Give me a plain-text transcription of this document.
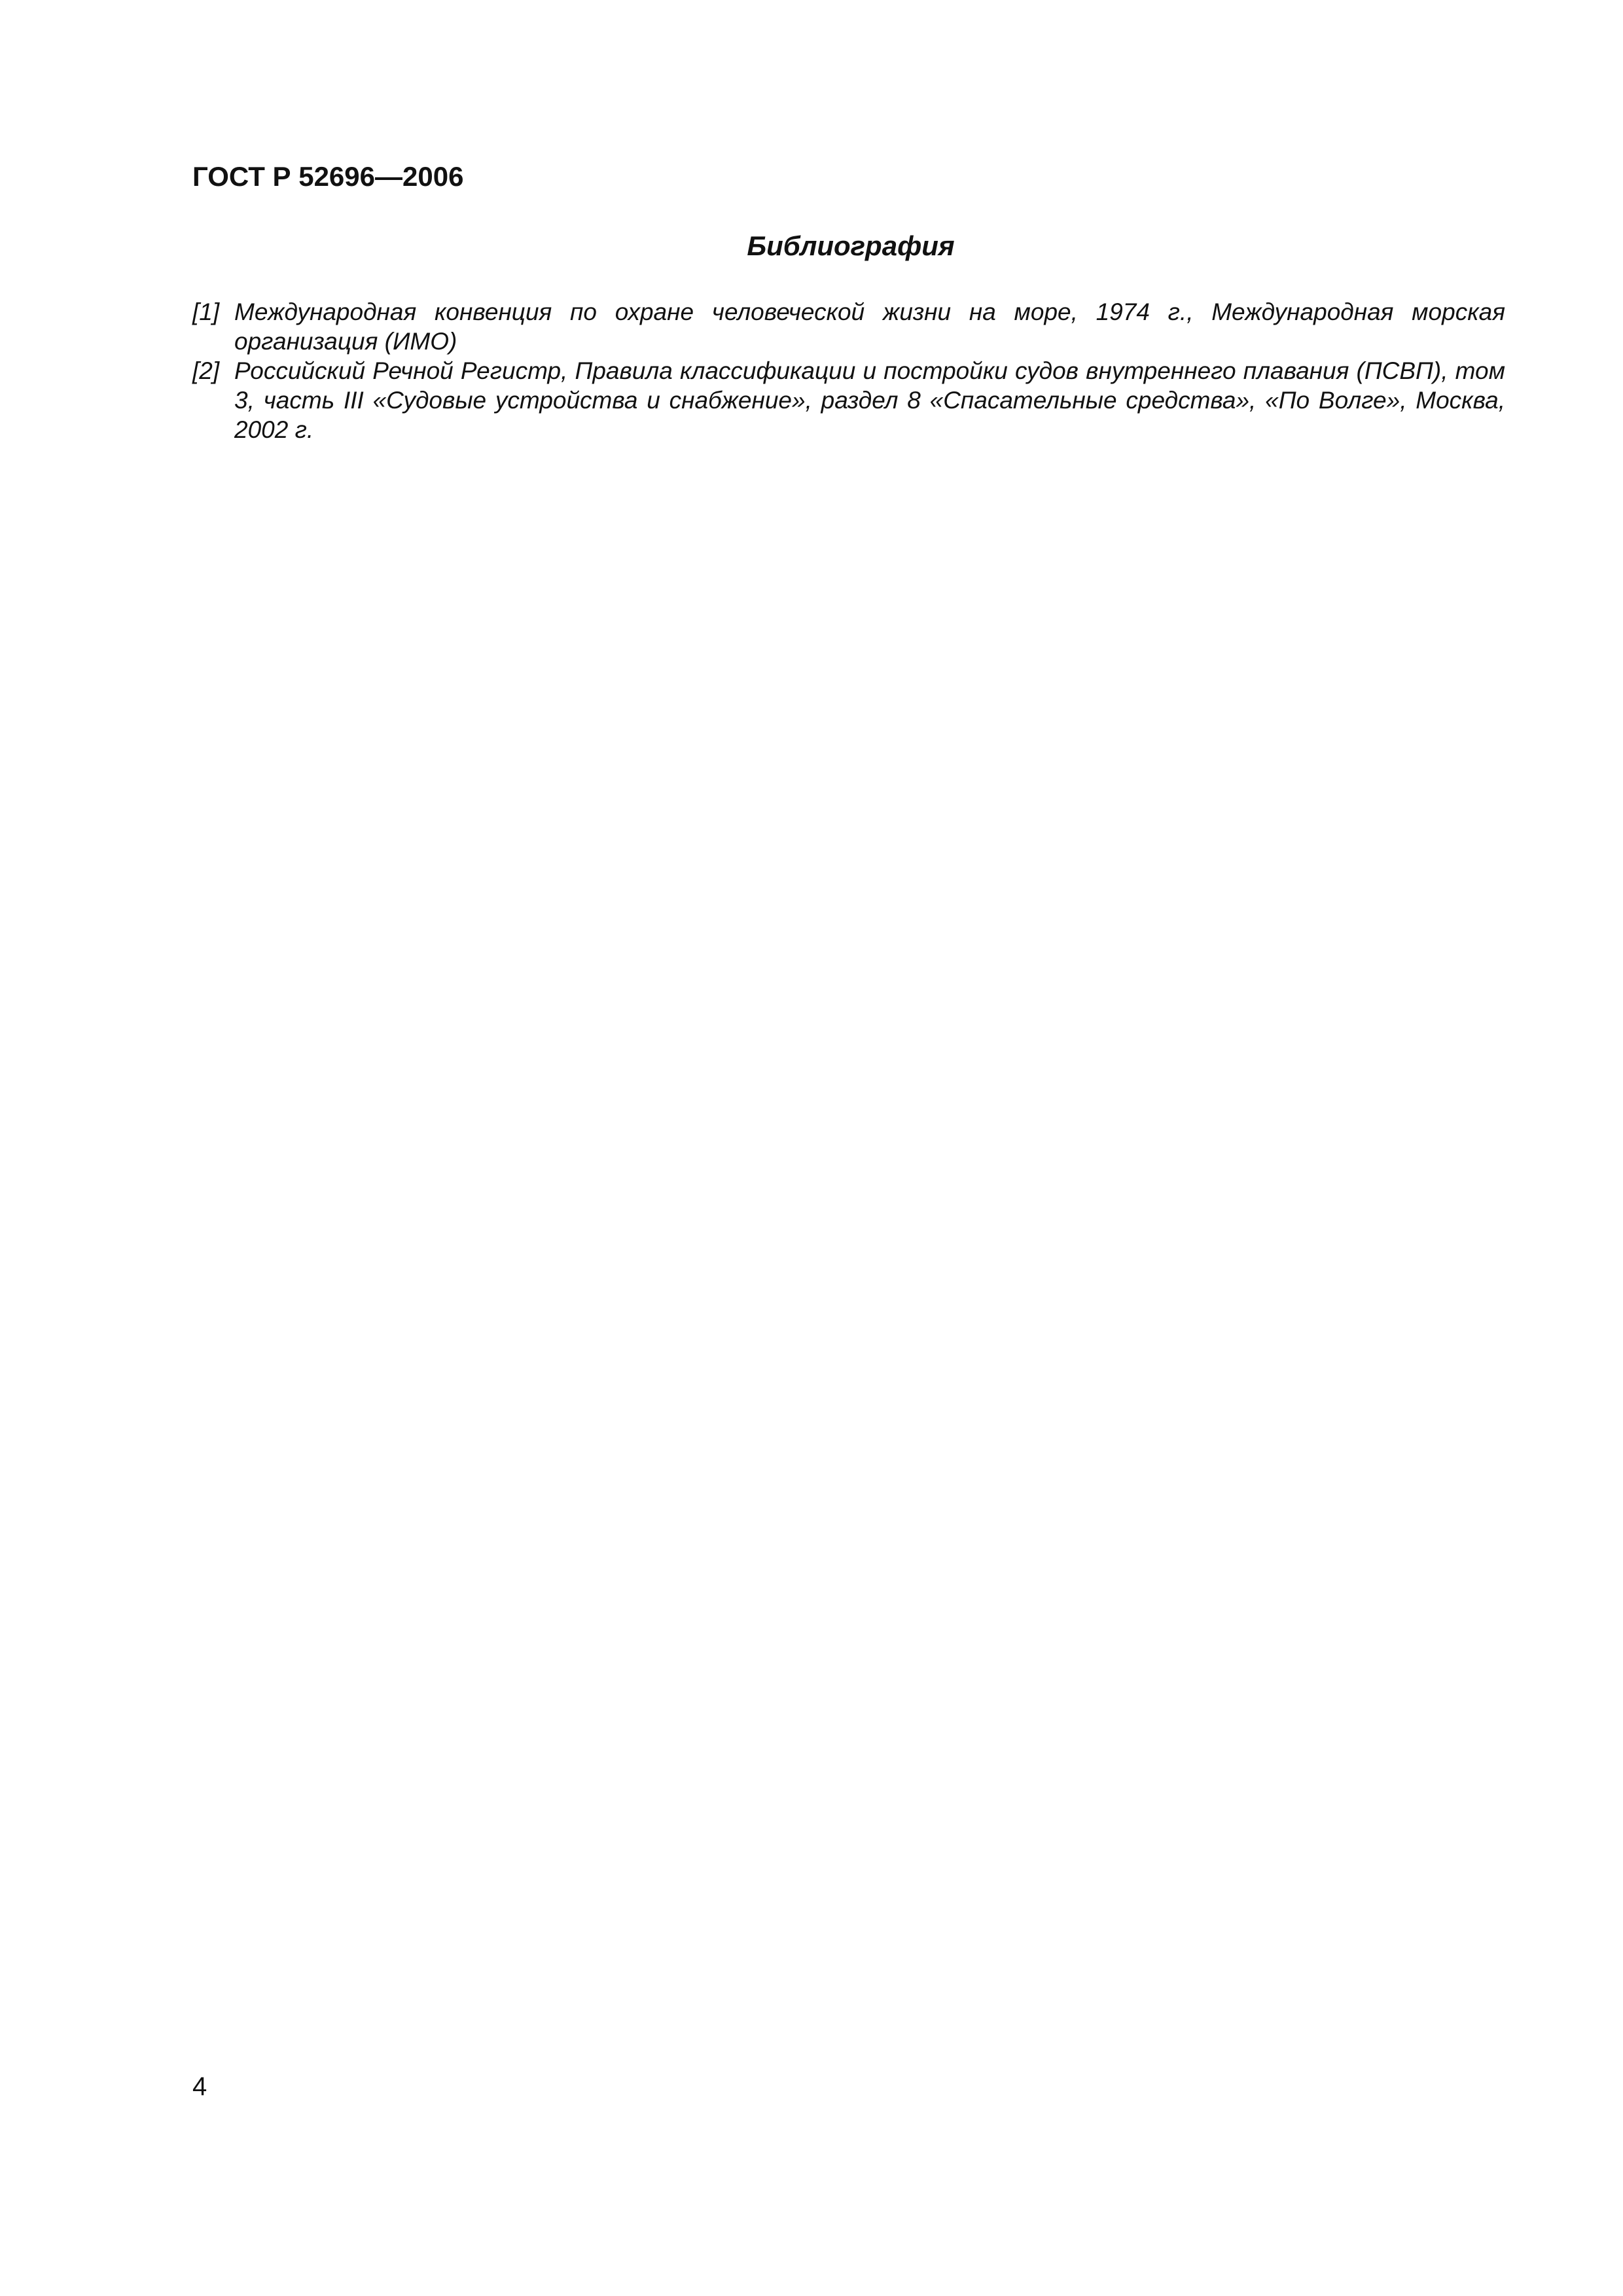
ГОСТ Р 52696—2006
Библиография
[1] Международная конвенция по охране человеческой жизни на море, 1974 г., Международная морская организация (ИМО)
[2] Российский Речной Регистр, Правила классификации и постройки судов внутреннего плавания (ПСВП), том 3, часть III «Судовые устройства и снабжение», раздел 8 «Спасательные средства», «По Волге», Москва, 2002 г.
4
